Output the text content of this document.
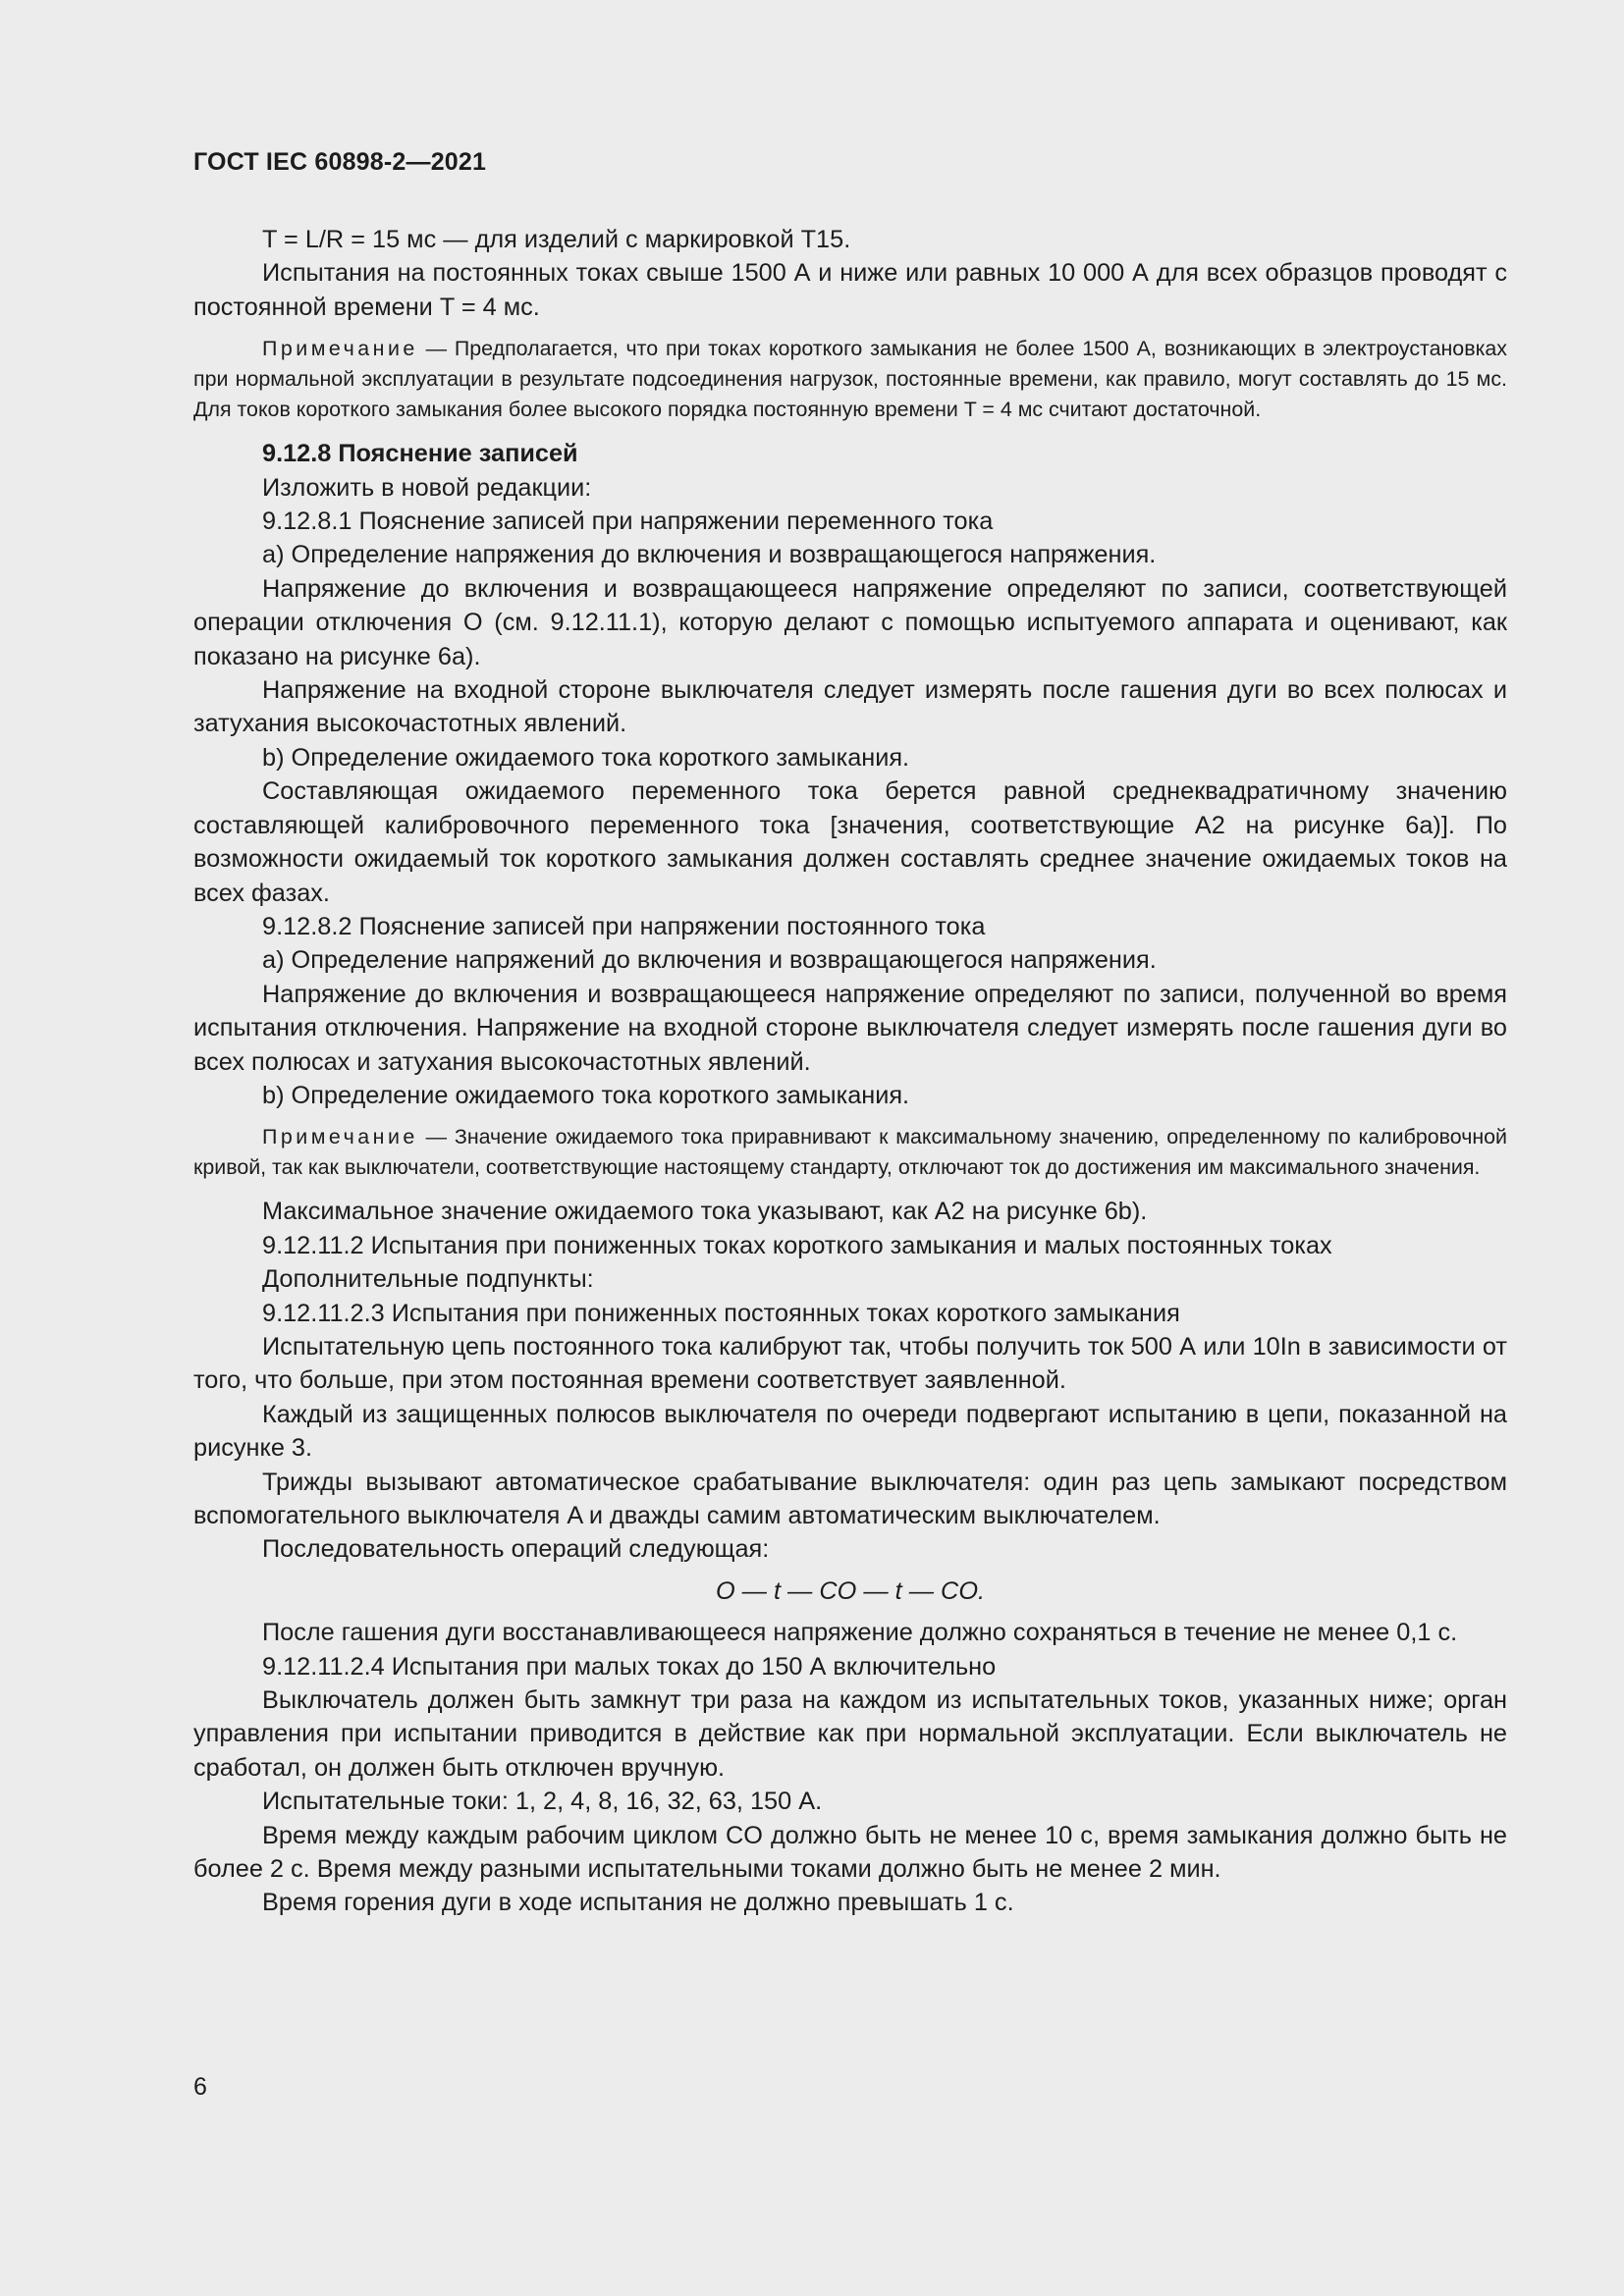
ГОСТ IEC 60898-2—2021

T = L/R = 15 мс — для изделий с маркировкой T15.

Испытания на постоянных токах свыше 1500 А и ниже или равных 10 000 А для всех образцов проводят с постоянной времени T = 4 мс.

Примечание — Предполагается, что при токах короткого замыкания не более 1500 А, возникающих в электроустановках при нормальной эксплуатации в результате подсоединения нагрузок, постоянные времени, как правило, могут составлять до 15 мс. Для токов короткого замыкания более высокого порядка постоянную времени T = 4 мс считают достаточной.

9.12.8 Пояснение записей

Изложить в новой редакции:

9.12.8.1 Пояснение записей при напряжении переменного тока

a) Определение напряжения до включения и возвращающегося напряжения.

Напряжение до включения и возвращающееся напряжение определяют по записи, соответствующей операции отключения O (см. 9.12.11.1), которую делают с помощью испытуемого аппарата и оценивают, как показано на рисунке 6а).

Напряжение на входной стороне выключателя следует измерять после гашения дуги во всех полюсах и затухания высокочастотных явлений.

b) Определение ожидаемого тока короткого замыкания.

Составляющая ожидаемого переменного тока берется равной среднеквадратичному значению составляющей калибровочного переменного тока [значения, соответствующие A2 на рисунке 6а)]. По возможности ожидаемый ток короткого замыкания должен составлять среднее значение ожидаемых токов на всех фазах.

9.12.8.2 Пояснение записей при напряжении постоянного тока

a) Определение напряжений до включения и возвращающегося напряжения.

Напряжение до включения и возвращающееся напряжение определяют по записи, полученной во время испытания отключения. Напряжение на входной стороне выключателя следует измерять после гашения дуги во всех полюсах и затухания высокочастотных явлений.

b) Определение ожидаемого тока короткого замыкания.

Примечание — Значение ожидаемого тока приравнивают к максимальному значению, определенному по калибровочной кривой, так как выключатели, соответствующие настоящему стандарту, отключают ток до достижения им максимального значения.

Максимальное значение ожидаемого тока указывают, как A2 на рисунке 6b).

9.12.11.2 Испытания при пониженных токах короткого замыкания и малых постоянных токах

Дополнительные подпункты:

9.12.11.2.3 Испытания при пониженных постоянных токах короткого замыкания

Испытательную цепь постоянного тока калибруют так, чтобы получить ток 500 А или 10In в зависимости от того, что больше, при этом постоянная времени соответствует заявленной.

Каждый из защищенных полюсов выключателя по очереди подвергают испытанию в цепи, показанной на рисунке 3.

Трижды вызывают автоматическое срабатывание выключателя: один раз цепь замыкают посредством вспомогательного выключателя A и дважды самим автоматическим выключателем.

Последовательность операций следующая:

O — t — CO — t — CO.

После гашения дуги восстанавливающееся напряжение должно сохраняться в течение не менее 0,1 с.

9.12.11.2.4 Испытания при малых токах до 150 А включительно

Выключатель должен быть замкнут три раза на каждом из испытательных токов, указанных ниже; орган управления при испытании приводится в действие как при нормальной эксплуатации. Если выключатель не сработал, он должен быть отключен вручную.

Испытательные токи: 1, 2, 4, 8, 16, 32, 63, 150 А.

Время между каждым рабочим циклом CO должно быть не менее 10 с, время замыкания должно быть не более 2 с. Время между разными испытательными токами должно быть не менее 2 мин.

Время горения дуги в ходе испытания не должно превышать 1 с.

6
